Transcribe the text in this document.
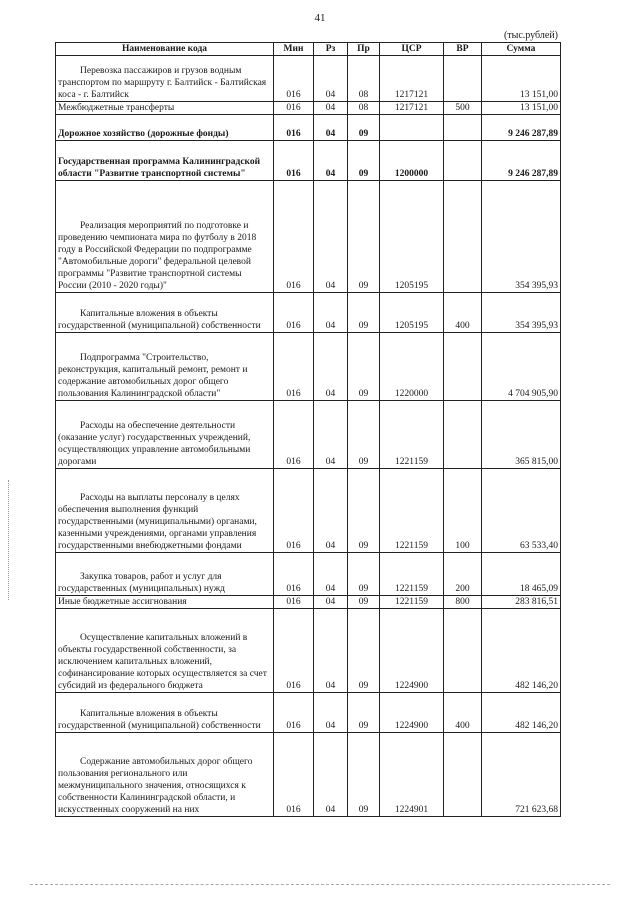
41
(тыс.рублей)
Наименование кода	Мин	Рз	Пр	ЦСР	ВР	Сумма
Перевозка пассажиров и грузов водным транспортом по маршруту г. Балтийск - Балтийская коса - г. Балтийск	016	04	08	1217121		13 151,00
Межбюджетные трансферты	016	04	08	1217121	500	13 151,00
Дорожное хозяйство (дорожные фонды)	016	04	09			9 246 287,89
Государственная программа Калининградской области "Развитие транспортной системы"	016	04	09	1200000		9 246 287,89
Реализация мероприятий по подготовке и проведению чемпионата мира по футболу в 2018 году в Российской Федерации по подпрограмме "Автомобильные дороги" федеральной целевой программы "Развитие транспортной системы России (2010 - 2020 годы)"	016	04	09	1205195		354 395,93
Капитальные вложения в объекты государственной (муниципальной) собственности	016	04	09	1205195	400	354 395,93
Подпрограмма "Строительство, реконструкция, капитальный ремонт, ремонт и содержание автомобильных дорог общего пользования Калининградской области"	016	04	09	1220000		4 704 905,90
Расходы на обеспечение деятельности (оказание услуг) государственных учреждений, осуществляющих управление автомобильными дорогами	016	04	09	1221159		365 815,00
Расходы на выплаты персоналу в целях обеспечения выполнения функций государственными (муниципальными) органами, казенными учреждениями, органами управления государственными внебюджетными фондами	016	04	09	1221159	100	63 533,40
Закупка товаров, работ и услуг для государственных (муниципальных) нужд	016	04	09	1221159	200	18 465,09
Иные бюджетные ассигнования	016	04	09	1221159	800	283 816,51
Осуществление капитальных вложений в объекты государственной собственности, за исключением капитальных вложений, софинансирование которых осуществляется за счет субсидий из федерального бюджета	016	04	09	1224900		482 146,20
Капитальные вложения в объекты государственной (муниципальной) собственности	016	04	09	1224900	400	482 146,20
Содержание автомобильных дорог общего пользования регионального или межмуниципального значения, относящихся к собственности Калининградской области, и искусственных сооружений на них	016	04	09	1224901		721 623,68
